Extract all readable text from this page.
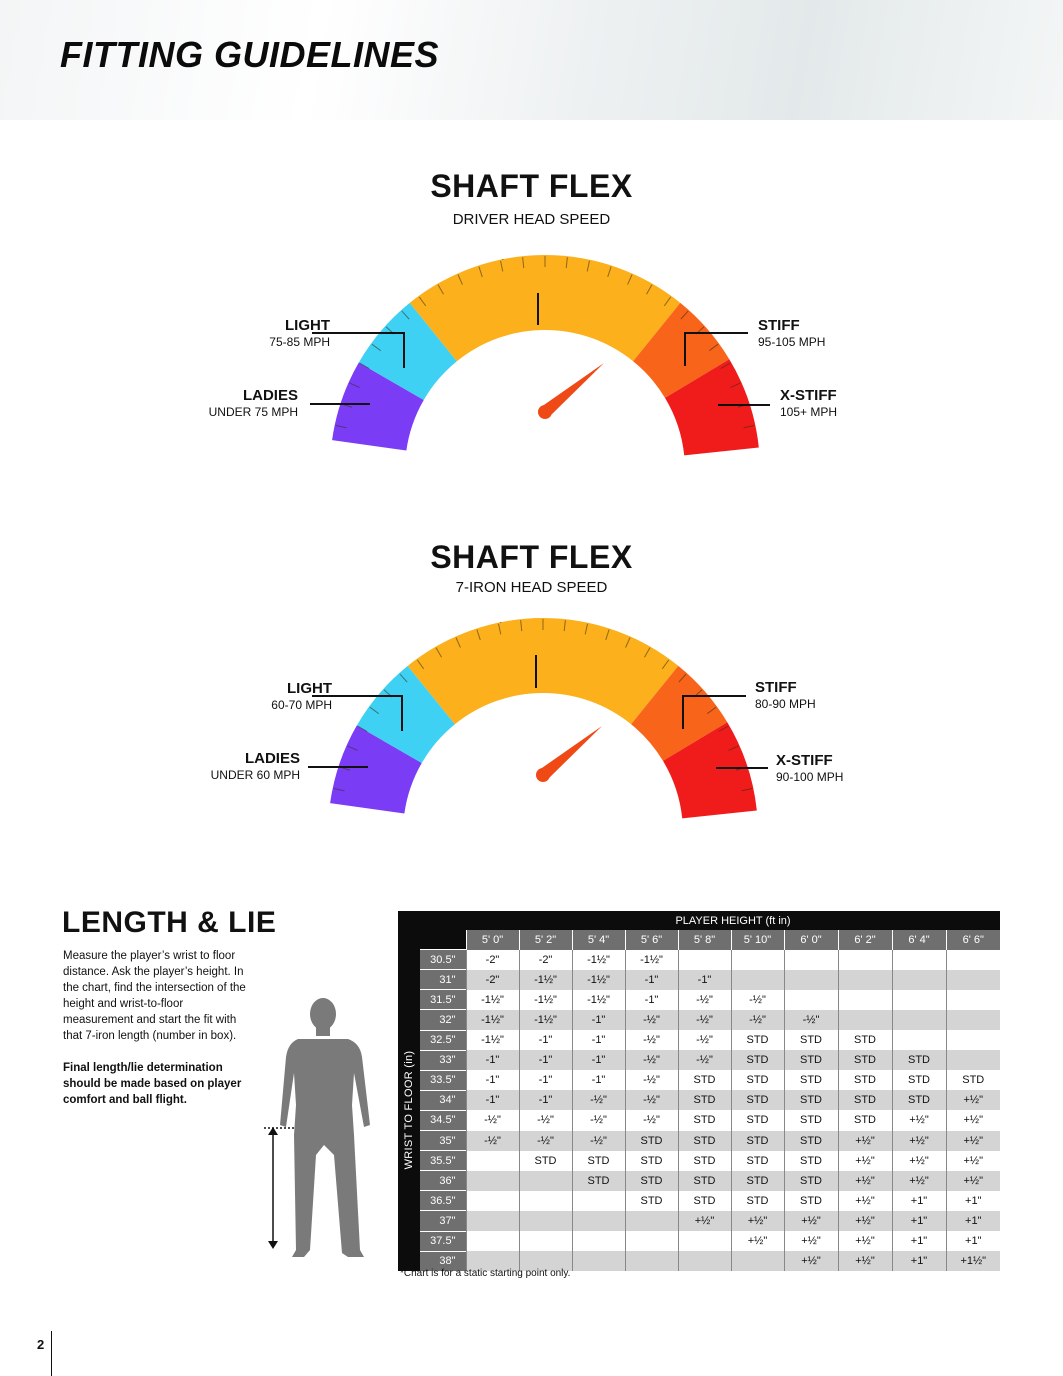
FITTING GUIDELINES
SHAFT FLEX
DRIVER HEAD SPEED
LIGHT
75-85 MPH
LADIES
UNDER 75 MPH
STIFF
95-105 MPH
X-STIFF
105+ MPH
SHAFT FLEX
7-IRON HEAD SPEED
LIGHT
60-70 MPH
LADIES
UNDER 60 MPH
STIFF
80-90 MPH
X-STIFF
90-100 MPH
LENGTH & LIE

Measure the player’s wrist to floor distance. Ask the player’s height. In the chart, find the intersection of the height and wrist-to-floor measurement and start the fit with that 7-iron length (number in box).

Final length/lie determination should be made based on player comfort and ball flight.

		PLAYER HEIGHT (ft in)									
		5' 0"	5' 2"	5' 4"	5' 6"	5' 8"	5' 10"	6' 0"	6' 2"	6' 4"	6' 6"

WRIST TO FLOOR (in)	30.5"	-2"	-2"	-1½"	-1½"						
	31"	-2"	-1½"	-1½"	-1"	-1"					
	31.5"	-1½"	-1½"	-1½"	-1"	-½"	-½"				
	32"	-1½"	-1½"	-1"	-½"	-½"	-½"	-½"			
	32.5"	-1½"	-1"	-1"	-½"	-½"	STD	STD	STD		
	33"	-1"	-1"	-1"	-½"	-½"	STD	STD	STD	STD	
	33.5"	-1"	-1"	-1"	-½"	STD	STD	STD	STD	STD	STD
	34"	-1"	-1"	-½"	-½"	STD	STD	STD	STD	STD	+½"
	34.5"	-½"	-½"	-½"	-½"	STD	STD	STD	STD	+½"	+½"
	35"	-½"	-½"	-½"	STD	STD	STD	STD	+½"	+½"	+½"
	35.5"		STD	STD	STD	STD	STD	STD	+½"	+½"	+½"
	36"			STD	STD	STD	STD	STD	+½"	+½"	+½"
	36.5"				STD	STD	STD	STD	+½"	+1"	+1"
	37"					+½"	+½"	+½"	+½"	+1"	+1"
	37.5"						+½"	+½"	+½"	+1"	+1"
	38"							+½"	+½"	+1"	+1½"

*Chart is for a static starting point only.

2
